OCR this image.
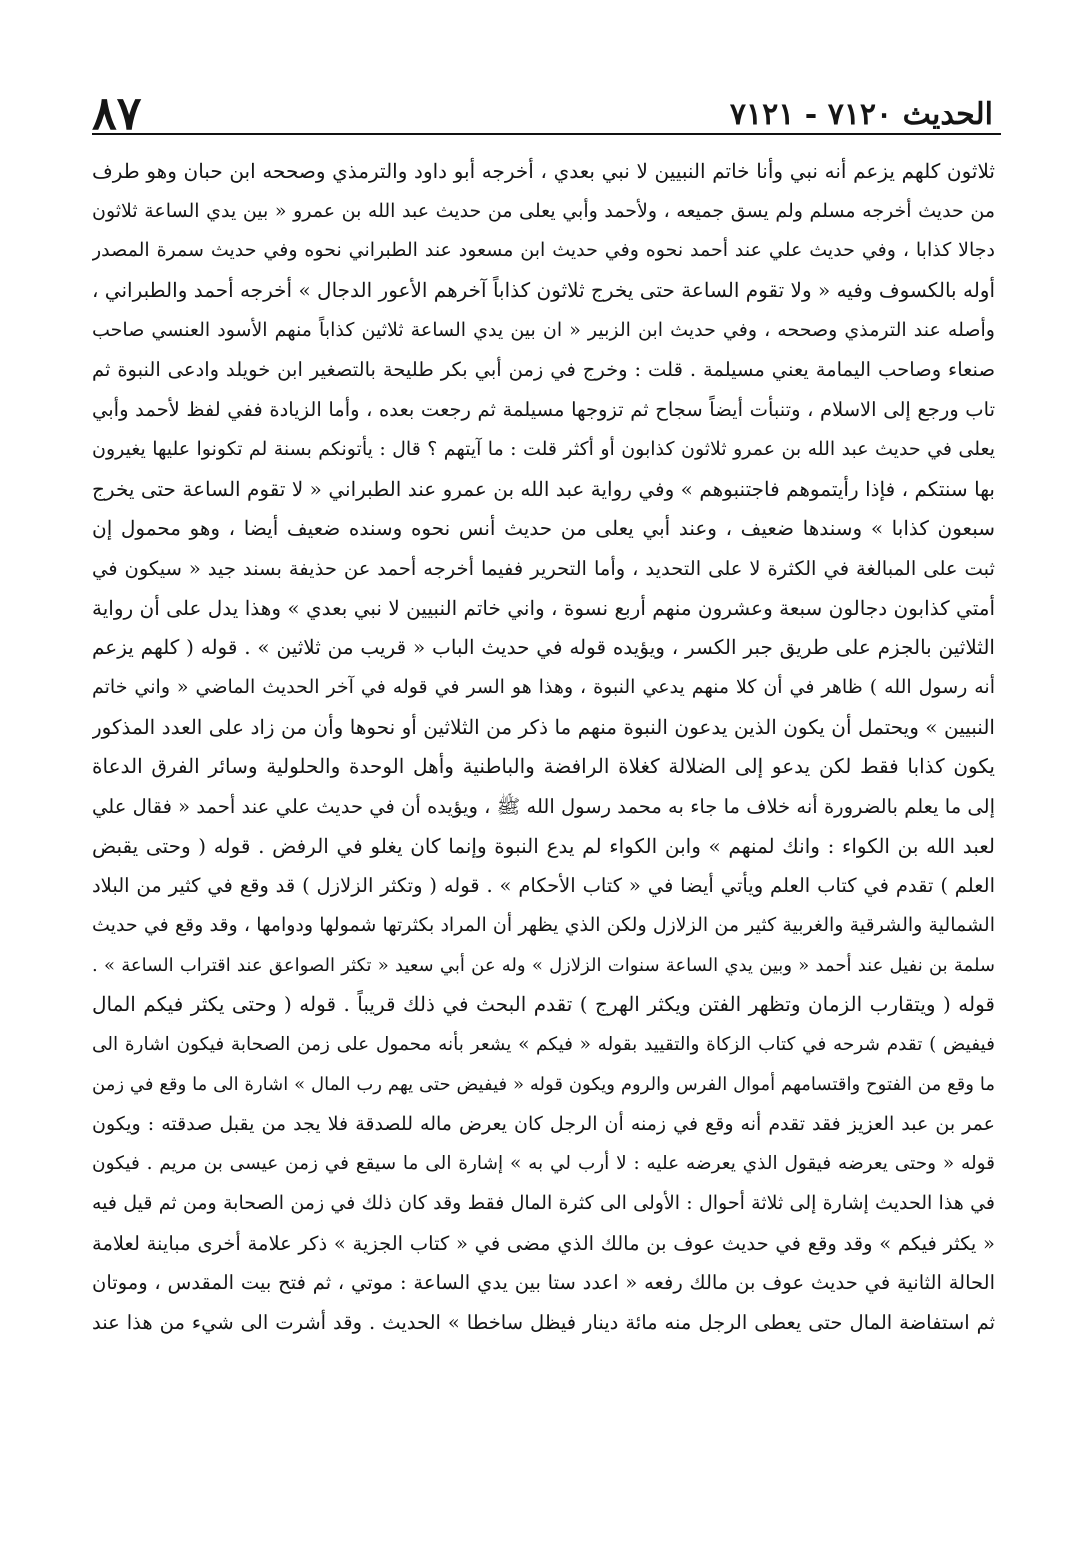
الحديث ٧١٢٠ - ٧١٢١
٨٧
ثلاثون كلهم يزعم أنه نبي وأنا خاتم النبيين لا نبي بعدي ، أخرجه أبو داود والترمذي وصححه ابن حبان وهو طرف
من حديث أخرجه مسلم ولم يسق جميعه ، ولأحمد وأبي يعلى من حديث عبد الله بن عمرو « بين يدي الساعة ثلاثون
دجالا كذابا ، وفي حديث علي عند أحمد نحوه وفي حديث ابن مسعود عند الطبراني نحوه وفي حديث سمرة المصدر
أوله بالكسوف وفيه « ولا تقوم الساعة حتى يخرج ثلاثون كذاباً آخرهم الأعور الدجال » أخرجه أحمد والطبراني ،
وأصله عند الترمذي وصححه ، وفي حديث ابن الزبير « ان بين يدي الساعة ثلاثين كذاباً منهم الأسود العنسي صاحب
صنعاء وصاحب اليمامة يعني مسيلمة . قلت : وخرج في زمن أبي بكر طليحة بالتصغير ابن خويلد وادعى النبوة ثم
تاب ورجع إلى الاسلام ، وتنبأت أيضاً سجاح ثم تزوجها مسيلمة ثم رجعت بعده ، وأما الزيادة ففي لفظ لأحمد وأبي
يعلى في حديث عبد الله بن عمرو ثلاثون كذابون أو أكثر قلت : ما آيتهم ؟ قال : يأتونكم بسنة لم تكونوا عليها يغيرون
بها سنتكم ، فإذا رأيتموهم فاجتنبوهم » وفي رواية عبد الله بن عمرو عند الطبراني « لا تقوم الساعة حتى يخرج
سبعون كذابا » وسندها ضعيف ، وعند أبي يعلى من حديث أنس نحوه وسنده ضعيف أيضا ، وهو محمول إن
ثبت على المبالغة في الكثرة لا على التحديد ، وأما التحرير ففيما أخرجه أحمد عن حذيفة بسند جيد « سيكون في
أمتي كذابون دجالون سبعة وعشرون منهم أربع نسوة ، واني خاتم النبيين لا نبي بعدي » وهذا يدل على أن رواية
الثلاثين بالجزم على طريق جبر الكسر ، ويؤيده قوله في حديث الباب « قريب من ثلاثين » . قوله ( كلهم يزعم
أنه رسول الله ) ظاهر في أن كلا منهم يدعي النبوة ، وهذا هو السر في قوله في آخر الحديث الماضي « واني خاتم
النبيين » ويحتمل أن يكون الذين يدعون النبوة منهم ما ذكر من الثلاثين أو نحوها وأن من زاد على العدد المذكور
يكون كذابا فقط لكن يدعو إلى الضلالة كغلاة الرافضة والباطنية وأهل الوحدة والحلولية وسائر الفرق الدعاة
إلى ما يعلم بالضرورة أنه خلاف ما جاء به محمد رسول الله ﷺ ، ويؤيده أن في حديث علي عند أحمد « فقال علي
لعبد الله بن الكواء : وانك لمنهم » وابن الكواء لم يدع النبوة وإنما كان يغلو في الرفض . قوله ( وحتى يقبض
العلم ) تقدم في كتاب العلم ويأتي أيضا في « كتاب الأحكام » . قوله ( وتكثر الزلازل ) قد وقع في كثير من البلاد
الشمالية والشرقية والغربية كثير من الزلازل ولكن الذي يظهر أن المراد بكثرتها شمولها ودوامها ، وقد وقع في حديث
سلمة بن نفيل عند أحمد « وبين يدي الساعة سنوات الزلازل » وله عن أبي سعيد « تكثر الصواعق عند اقتراب الساعة » .
قوله ( ويتقارب الزمان وتظهر الفتن ويكثر الهرج ) تقدم البحث في ذلك قريباً . قوله ( وحتى يكثر فيكم المال
فيفيض ) تقدم شرحه في كتاب الزكاة والتقييد بقوله « فيكم » يشعر بأنه محمول على زمن الصحابة فيكون اشارة الى
ما وقع من الفتوح واقتسامهم أموال الفرس والروم ويكون قوله « فيفيض حتى يهم رب المال » اشارة الى ما وقع في زمن
عمر بن عبد العزيز فقد تقدم أنه وقع في زمنه أن الرجل كان يعرض ماله للصدقة فلا يجد من يقبل صدقته : ويكون
قوله « وحتى يعرضه فيقول الذي يعرضه عليه : لا أرب لي به » إشارة الى ما سيقع في زمن عيسى بن مريم . فيكون
في هذا الحديث إشارة إلى ثلاثة أحوال : الأولى الى كثرة المال فقط وقد كان ذلك في زمن الصحابة ومن ثم قيل فيه
« يكثر فيكم » وقد وقع في حديث عوف بن مالك الذي مضى في « كتاب الجزية » ذكر علامة أخرى مباينة لعلامة
الحالة الثانية في حديث عوف بن مالك رفعه « اعدد ستا بين يدي الساعة : موتي ، ثم فتح بيت المقدس ، وموتان
ثم استفاضة المال حتى يعطى الرجل منه مائة دينار فيظل ساخطا » الحديث . وقد أشرت الى شيء من هذا عند
